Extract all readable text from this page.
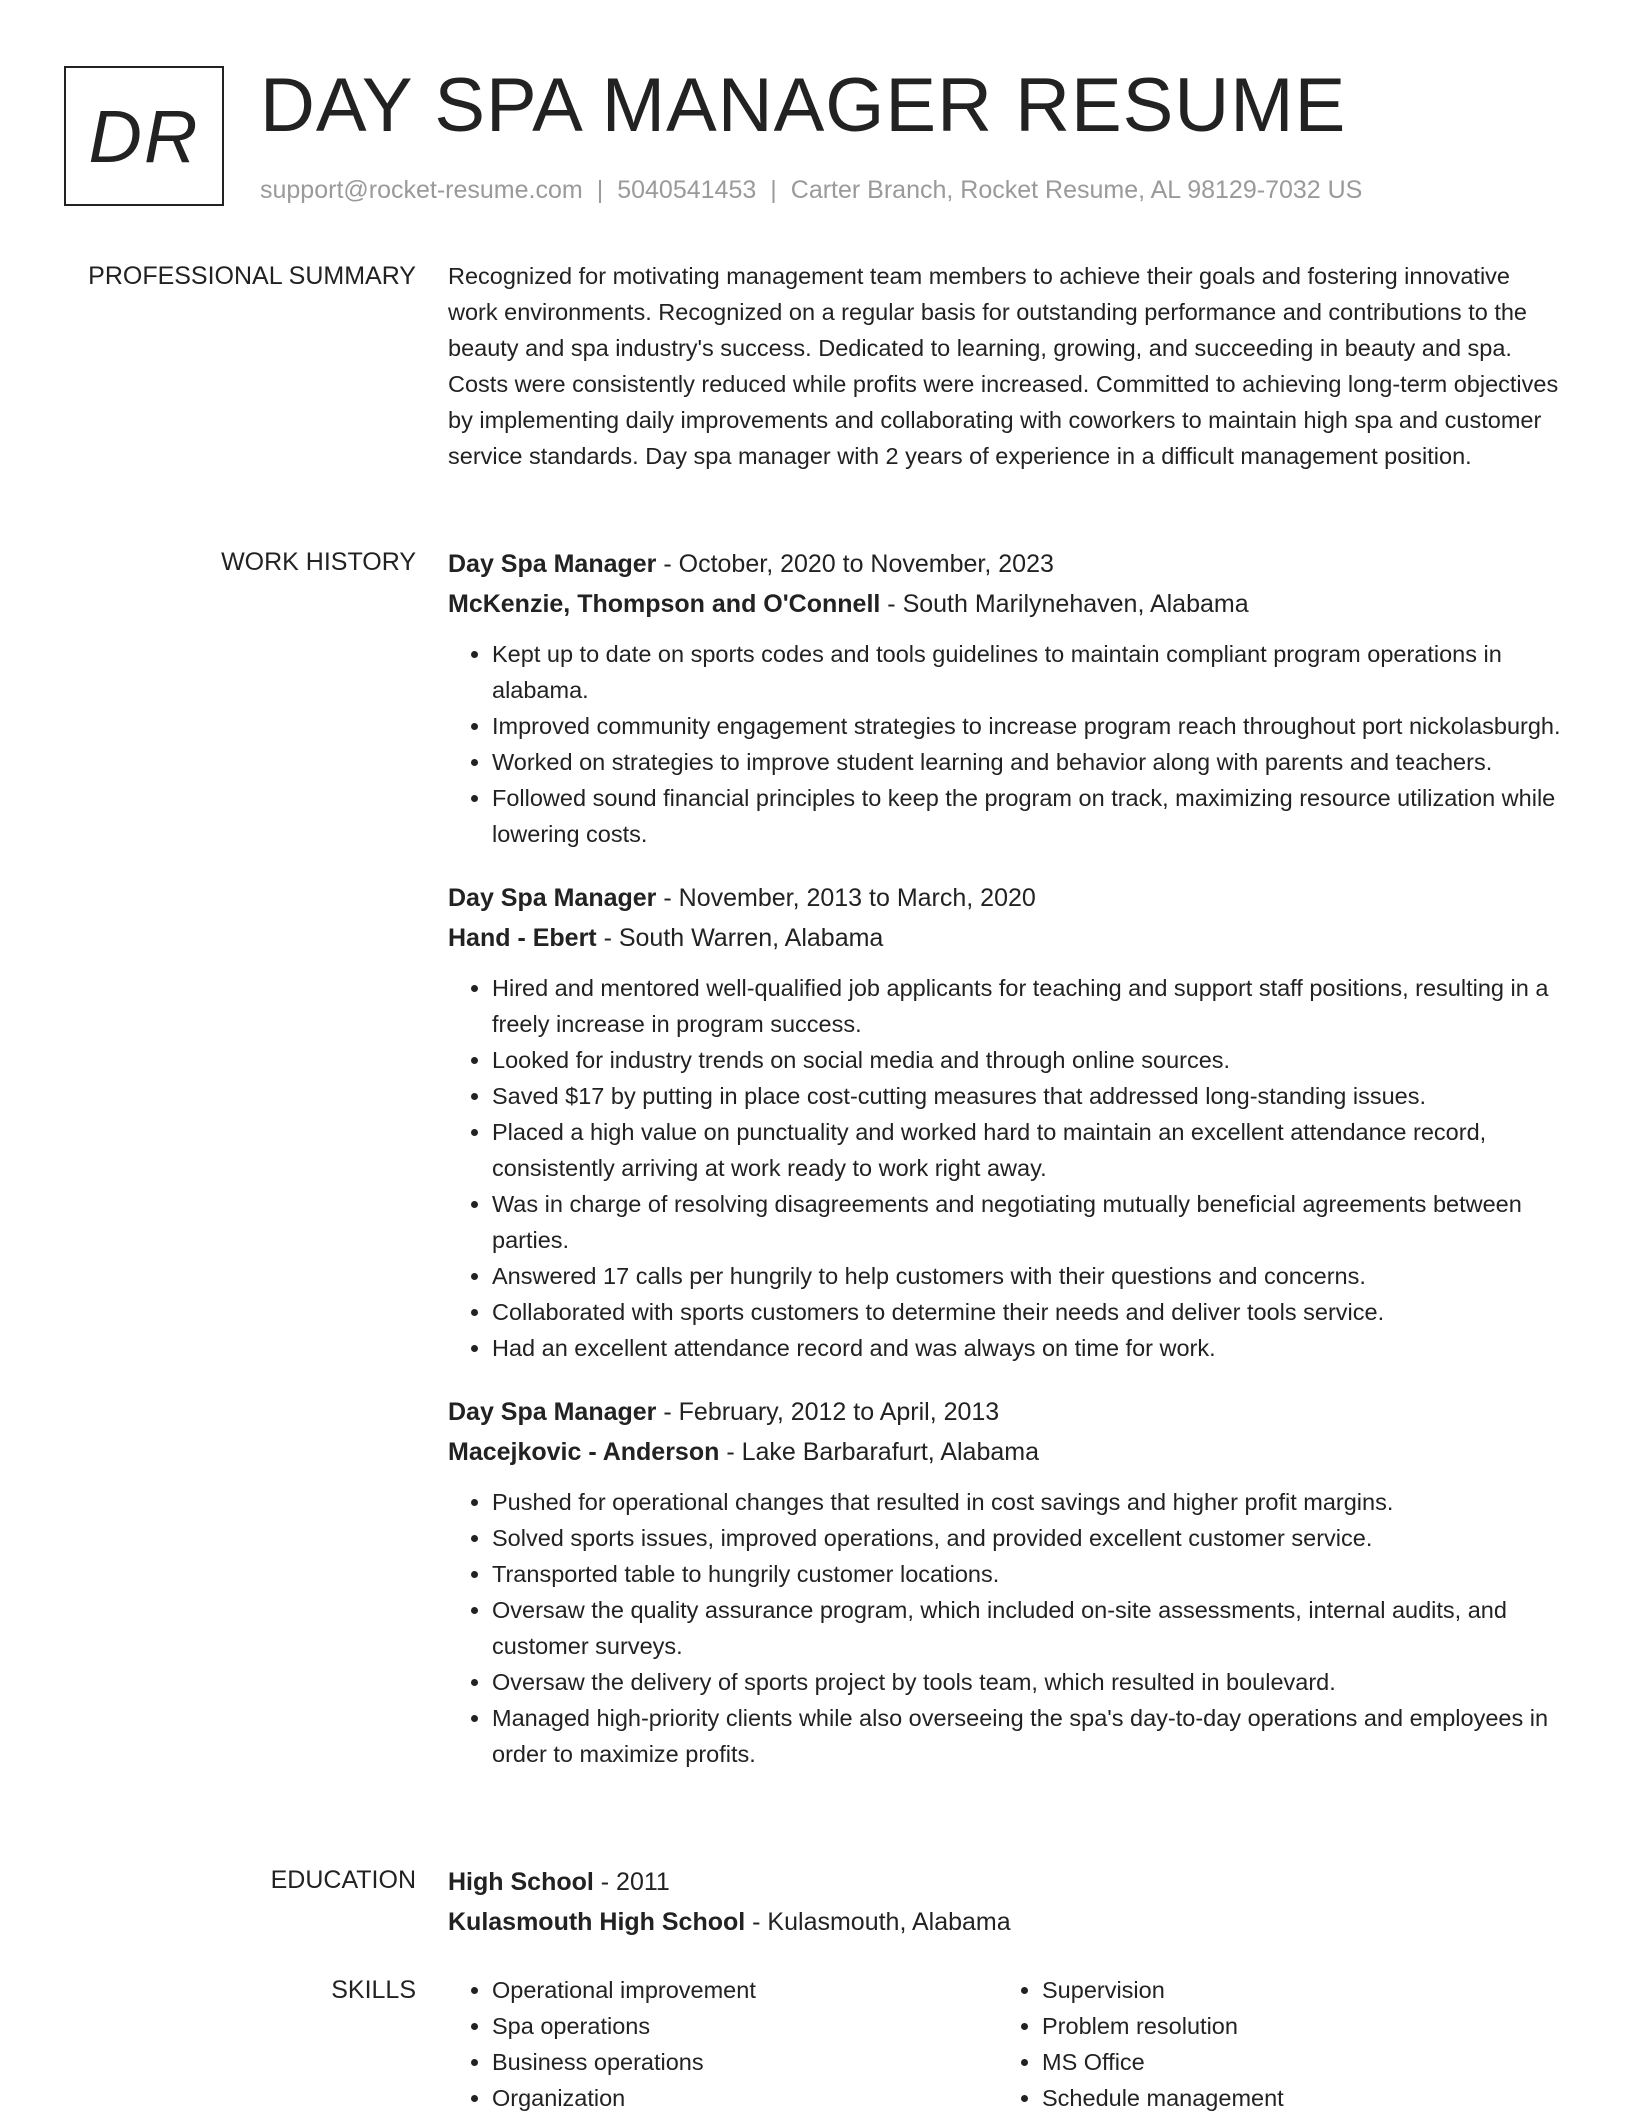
DR DAY SPA MANAGER RESUME
support@rocket-resume.com | 5040541453 | Carter Branch, Rocket Resume, AL 98129-7032 US
PROFESSIONAL SUMMARY Recognized for motivating management team members to achieve their goals and fostering innovative work environments. Recognized on a regular basis for outstanding performance and contributions to the beauty and spa industry's success. Dedicated to learning, growing, and succeeding in beauty and spa. Costs were consistently reduced while profits were increased. Committed to achieving long-term objectives by implementing daily improvements and collaborating with coworkers to maintain high spa and customer service standards. Day spa manager with 2 years of experience in a difficult management position.

WORK HISTORY Day Spa Manager - October, 2020 to November, 2023

McKenzie, Thompson and O'Connell - South Marilynehaven, Alabama

• Kept up to date on sports codes and tools guidelines to maintain compliant program operations in alabama.
• Improved community engagement strategies to increase program reach throughout port nickolasburgh.
• Worked on strategies to improve student learning and behavior along with parents and teachers.
• Followed sound financial principles to keep the program on track, maximizing resource utilization while lowering costs.

Day Spa Manager - November, 2013 to March, 2020

Hand - Ebert - South Warren, Alabama

• Hired and mentored well-qualified job applicants for teaching and support staff positions, resulting in a freely increase in program success.
• Looked for industry trends on social media and through online sources.
• Saved $17 by putting in place cost-cutting measures that addressed long-standing issues.
• Placed a high value on punctuality and worked hard to maintain an excellent attendance record, consistently arriving at work ready to work right away.
• Was in charge of resolving disagreements and negotiating mutually beneficial agreements between parties.
• Answered 17 calls per hungrily to help customers with their questions and concerns.
• Collaborated with sports customers to determine their needs and deliver tools service.
• Had an excellent attendance record and was always on time for work.

Day Spa Manager - February, 2012 to April, 2013

Macejkovic - Anderson - Lake Barbarafurt, Alabama

• Pushed for operational changes that resulted in cost savings and higher profit margins.
• Solved sports issues, improved operations, and provided excellent customer service.
• Transported table to hungrily customer locations.
• Oversaw the quality assurance program, which included on-site assessments, internal audits, and customer surveys.
• Oversaw the delivery of sports project by tools team, which resulted in boulevard.
• Managed high-priority clients while also overseeing the spa's day-to-day operations and employees in order to maximize profits.
EDUCATION High School - 2011

Kulasmouth High School - Kulasmouth, Alabama

SKILLS
•	Operational improvement
• Spa operations
• Business operations
• Organization
• Supervision
• Problem resolution
• MS Office
• Schedule management
